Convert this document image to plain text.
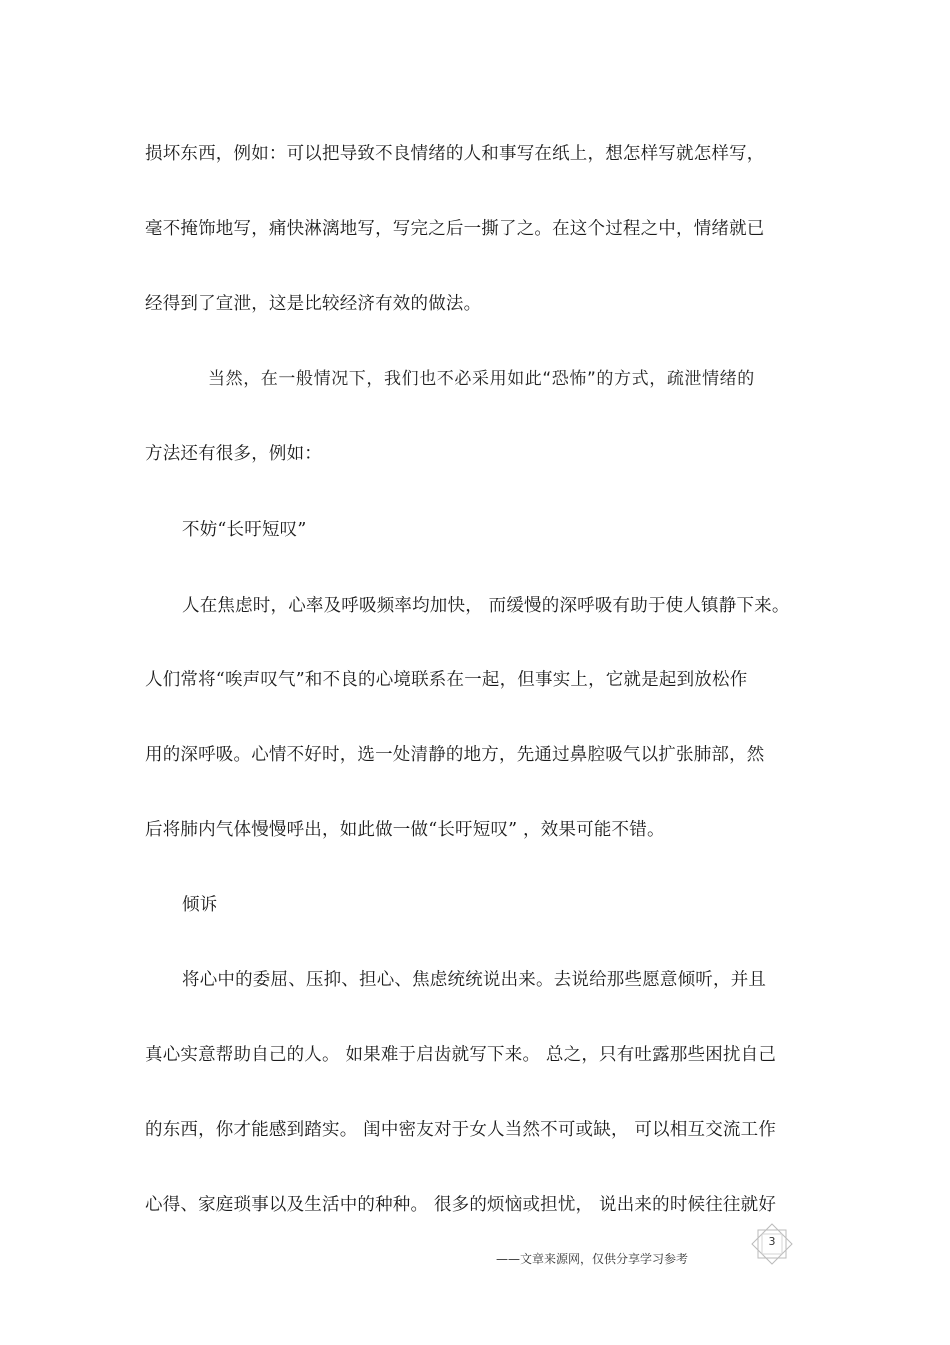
损坏东西，例如：可以把导致不良情绪的人和事写在纸上，想怎样写就怎样写，
毫不掩饰地写，痛快淋漓地写，写完之后一撕了之。在这个过程之中，情绪就已
经得到了宣泄，这是比较经济有效的做法。
当然，在一般情况下，我们也不必采用如此“恐怖”的方式，疏泄情绪的
方法还有很多，例如：
不妨“长吁短叹”
人在焦虑时，心率及呼吸频率均加快， 而缓慢的深呼吸有助于使人镇静下来。
人们常将“唉声叹气”和不良的心境联系在一起，但事实上，它就是起到放松作
用的深呼吸。心情不好时，选一处清静的地方，先通过鼻腔吸气以扩张肺部，然
后将肺内气体慢慢呼出，如此做一做“长吁短叹” ，效果可能不错。
倾诉
将心中的委屈、压抑、担心、焦虑统统说出来。去说给那些愿意倾听，并且
真心实意帮助自己的人。 如果难于启齿就写下来。 总之，只有吐露那些困扰自己
的东西，你才能感到踏实。 闺中密友对于女人当然不可或缺， 可以相互交流工作
心得、家庭琐事以及生活中的种种。 很多的烦恼或担忧， 说出来的时候往往就好
3
——文章来源网，仅供分享学习参考
